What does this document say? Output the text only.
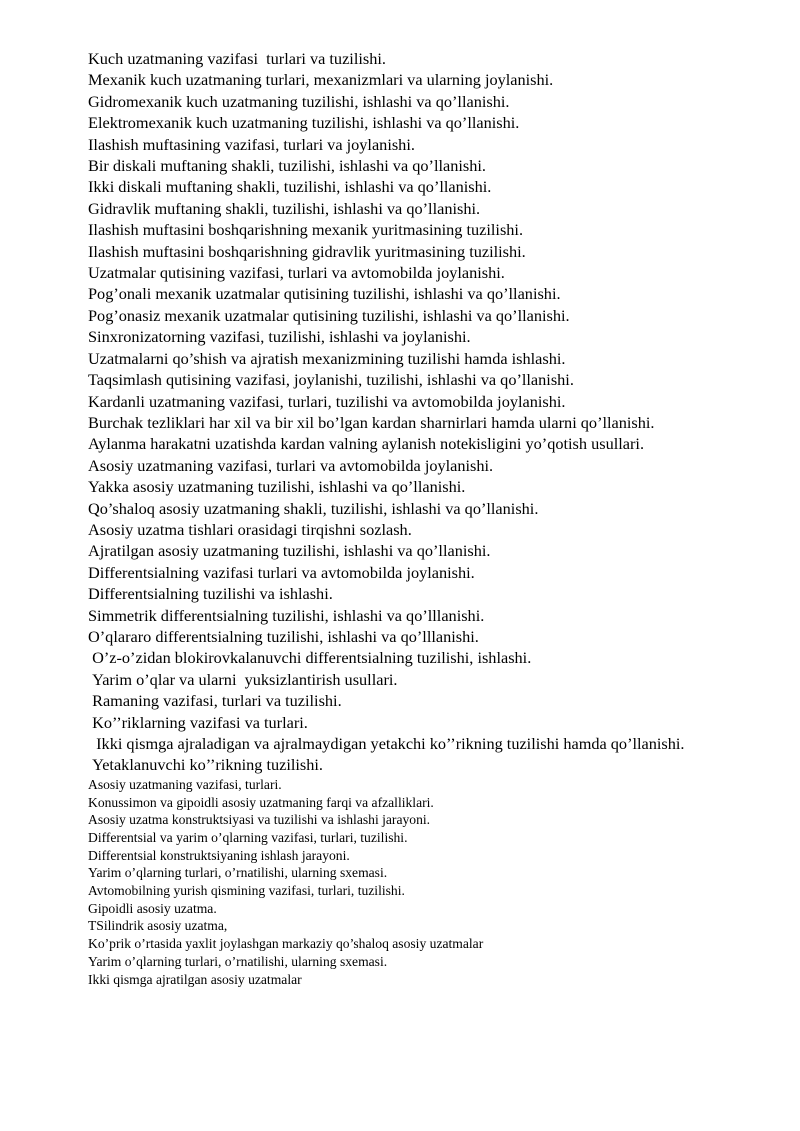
Kuch uzatmaning vazifasi  turlari va tuzilishi.
Mexanik kuch uzatmaning turlari, mexanizmlari va ularning joylanishi.
Gidromexanik kuch uzatmaning tuzilishi, ishlashi va qo’llanishi.
Elektromexanik kuch uzatmaning tuzilishi, ishlashi va qo’llanishi.
Ilashish muftasining vazifasi, turlari va joylanishi.
Bir diskali muftaning shakli, tuzilishi, ishlashi va qo’llanishi.
Ikki diskali muftaning shakli, tuzilishi, ishlashi va qo’llanishi.
Gidravlik muftaning shakli, tuzilishi, ishlashi va qo’llanishi.
Ilashish muftasini boshqarishning mexanik yuritmasining tuzilishi.
Ilashish muftasini boshqarishning gidravlik yuritmasining tuzilishi.
Uzatmalar qutisining vazifasi, turlari va avtomobilda joylanishi.
Pog’onali mexanik uzatmalar qutisining tuzilishi, ishlashi va qo’llanishi.
Pog’onasiz mexanik uzatmalar qutisining tuzilishi, ishlashi va qo’llanishi.
Sinxronizatorning vazifasi, tuzilishi, ishlashi va joylanishi.
Uzatmalarni qo’shish va ajratish mexanizmining tuzilishi hamda ishlashi.
Taqsimlash qutisining vazifasi, joylanishi, tuzilishi, ishlashi va qo’llanishi.
Kardanli uzatmaning vazifasi, turlari, tuzilishi va avtomobilda joylanishi.
Burchak tezliklari har xil va bir xil bo’lgan kardan sharnirlari hamda ularni qo’llanishi.
Aylanma harakatni uzatishda kardan valning aylanish notekisligini yo’qotish usullari.
Asosiy uzatmaning vazifasi, turlari va avtomobilda joylanishi.
Yakka asosiy uzatmaning tuzilishi, ishlashi va qo’llanishi.
Qo’shaloq asosiy uzatmaning shakli, tuzilishi, ishlashi va qo’llanishi.
Asosiy uzatma tishlari orasidagi tirqishni sozlash.
Ajratilgan asosiy uzatmaning tuzilishi, ishlashi va qo’llanishi.
Differentsialning vazifasi turlari va avtomobilda joylanishi.
Differentsialning tuzilishi va ishlashi.
Simmetrik differentsialning tuzilishi, ishlashi va qo’lllanishi.
O’qlararo differentsialning tuzilishi, ishlashi va qo’lllanishi.
O’z-o’zidan blokirovkalanuvchi differentsialning tuzilishi, ishlashi.
Yarim o’qlar va ularni  yuksizlantirish usullari.
Ramaning vazifasi, turlari va tuzilishi.
Ko’’riklarning vazifasi va turlari.
Ikki qismga ajraladigan va ajralmaydigan yetakchi ko’’rikning tuzilishi hamda qo’llanishi.
Yetaklanuvchi ko’’rikning tuzilishi.
Asosiy uzatmaning vazifasi, turlari.
Konussimon va gipoidli asosiy uzatmaning farqi va afzalliklari.
Asosiy uzatma konstruktsiyasi va tuzilishi va ishlashi jarayoni.
Differentsial va yarim o’qlarning vazifasi, turlari, tuzilishi.
Differentsial konstruktsiyaning ishlash jarayoni.
Yarim o’qlarning turlari, o’rnatilishi, ularning sxemasi.
Avtomobilning yurish qismining vazifasi, turlari, tuzilishi.
Gipoidli asosiy uzatma.
TSilindrik asosiy uzatma,
Ko’prik o’rtasida yaxlit joylashgan markaziy qo’shaloq asosiy uzatmalar
Yarim o’qlarning turlari, o’rnatilishi, ularning sxemasi.
Ikki qismga ajratilgan asosiy uzatmalar
